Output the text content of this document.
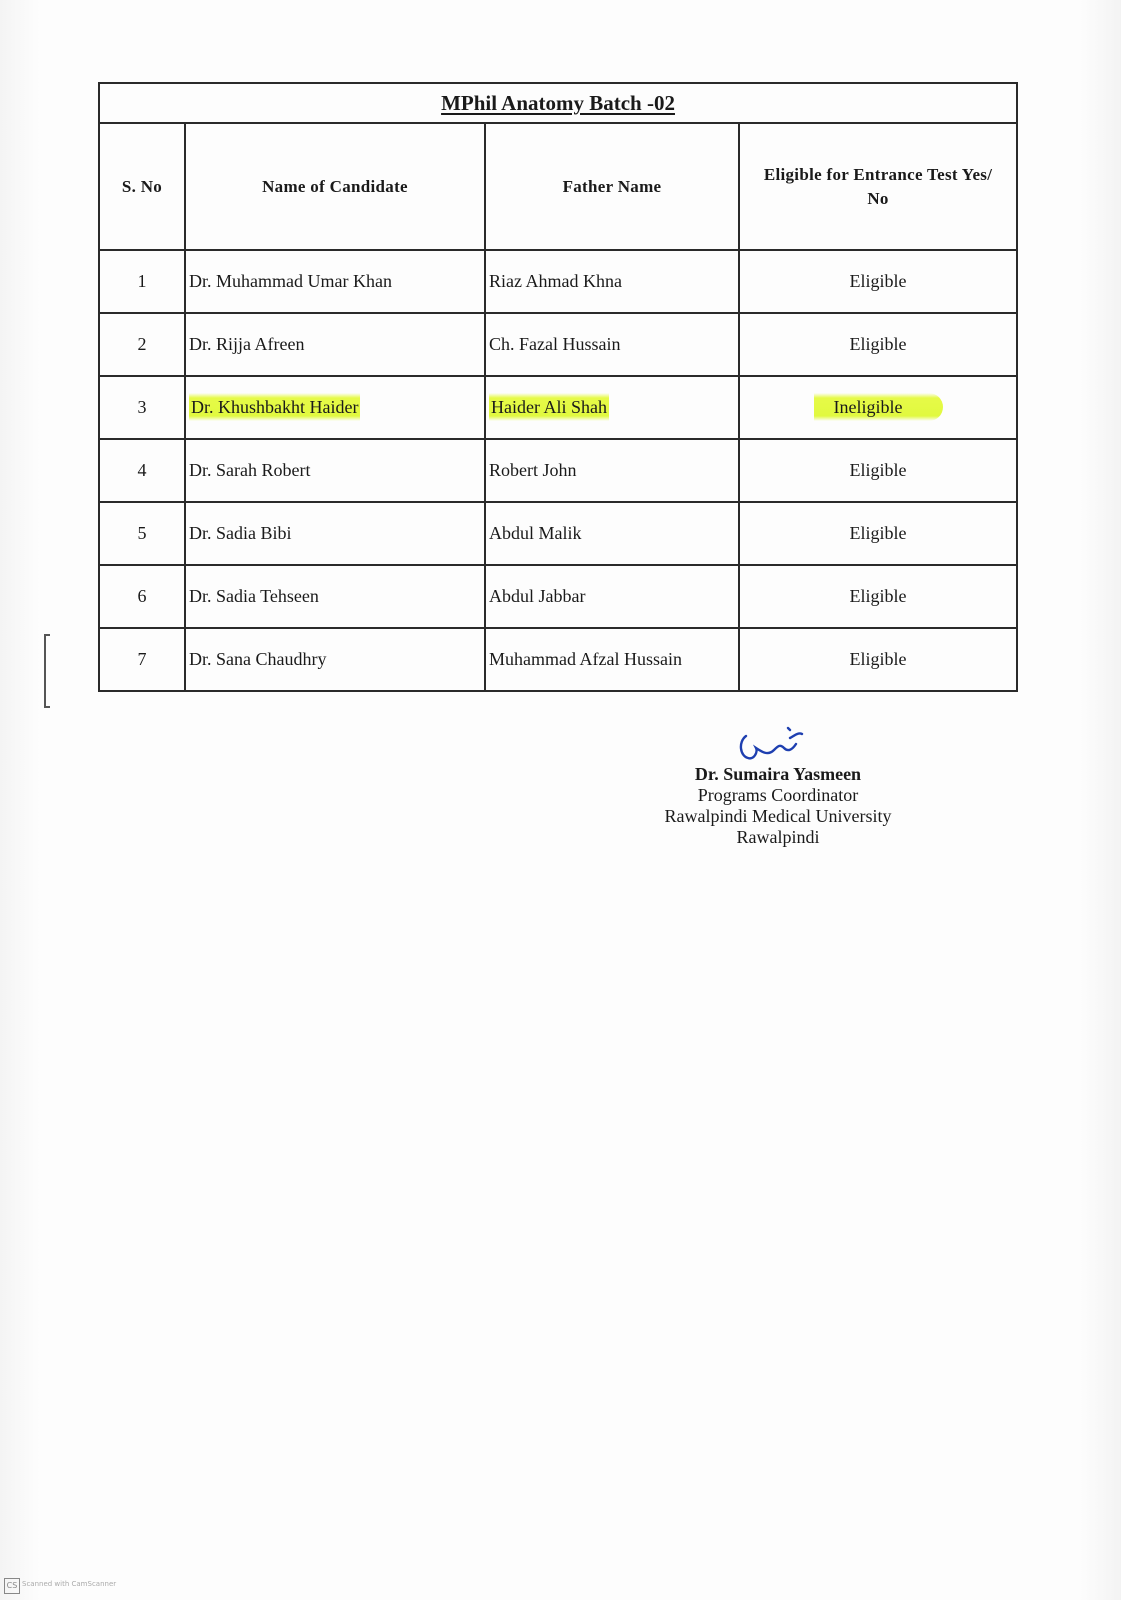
MPhil Anatomy Batch -02			
S. No	Name of Candidate	Father Name	Eligible for Entrance Test Yes/ No
1	Dr. Muhammad Umar Khan	Riaz Ahmad Khna	Eligible
2	Dr. Rijja Afreen	Ch. Fazal Hussain	Eligible
3	Dr. Khushbakht Haider	Haider Ali Shah	Ineligible
4	Dr. Sarah Robert	Robert John	Eligible
5	Dr. Sadia Bibi	Abdul Malik	Eligible
6	Dr. Sadia Tehseen	Abdul Jabbar	Eligible
7	Dr. Sana Chaudhry	Muhammad Afzal Hussain	Eligible
Dr. Sumaira Yasmeen
Programs Coordinator
Rawalpindi Medical University
Rawalpindi
CS Scanned with CamScanner
